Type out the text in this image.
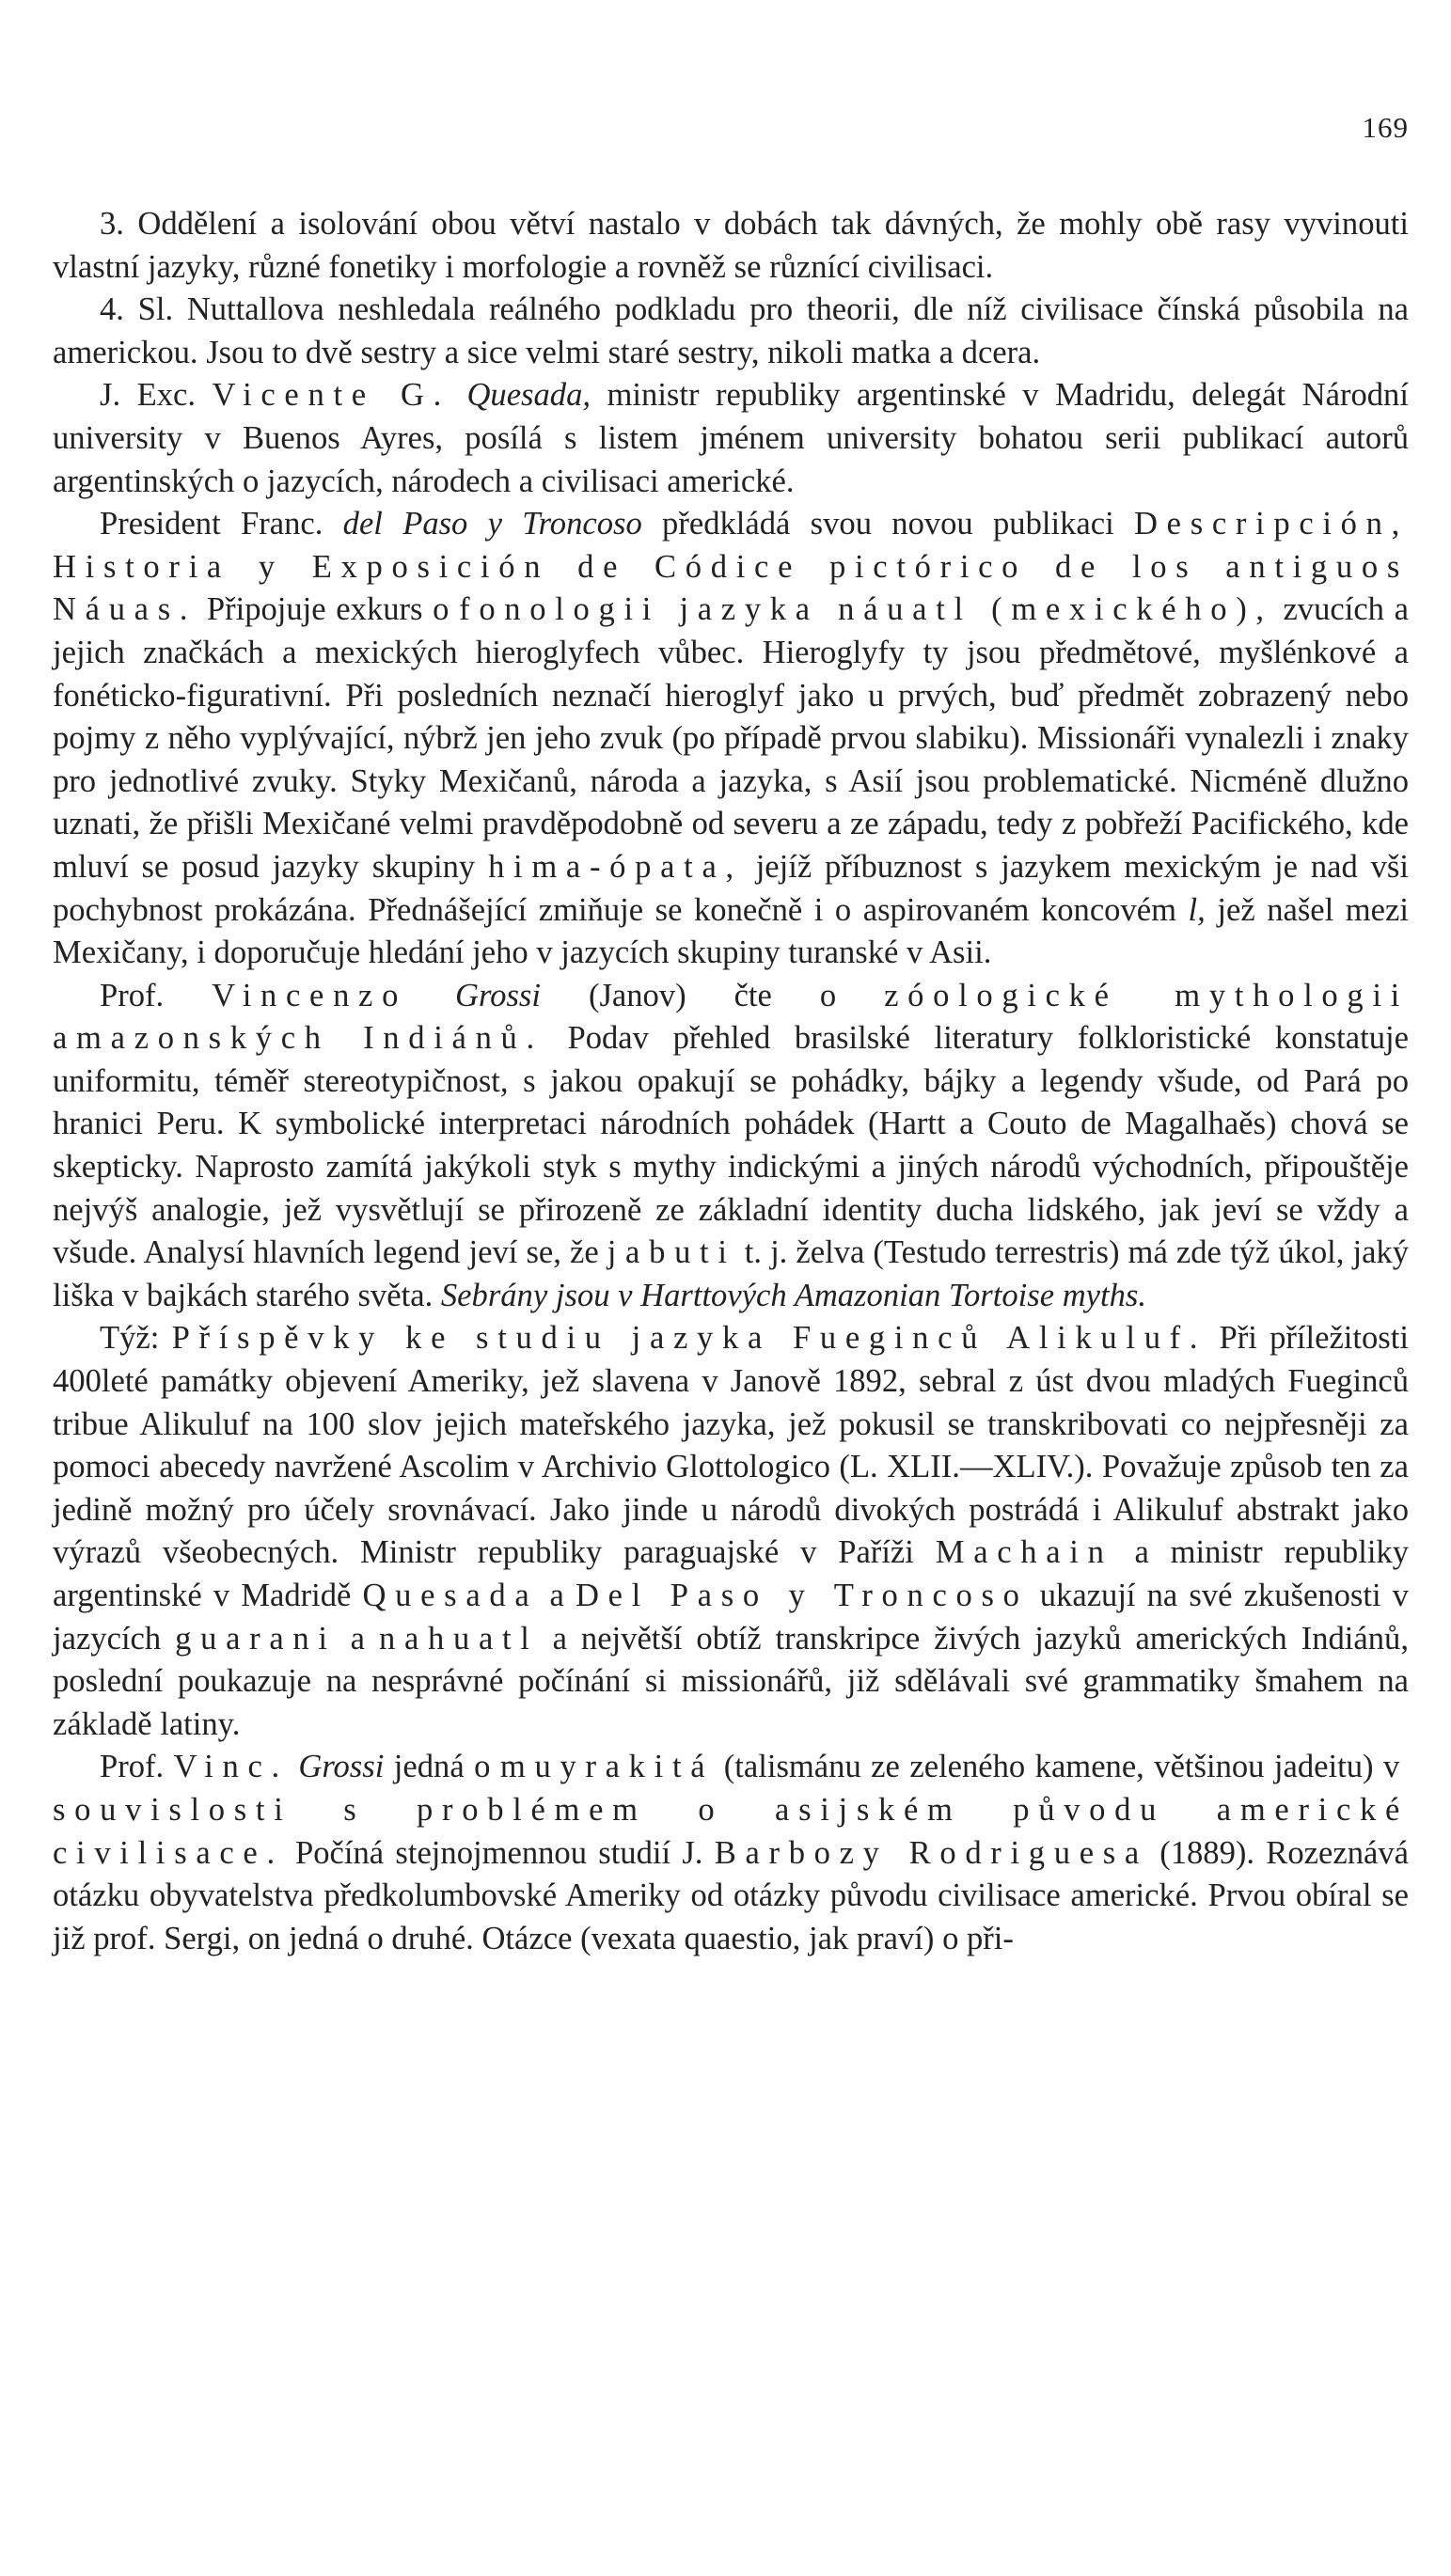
169

3. Oddělení a isolování obou větví nastalo v dobách tak dávných, že mohly obě rasy vyvinouti vlastní jazyky, různé fonetiky i morfologie a rovněž se různící civilisaci.

4. Sl. Nuttallova neshledala reálného podkladu pro theorii, dle níž civilisace čínská působila na americkou. Jsou to dvě sestry a sice velmi staré sestry, nikoli matka a dcera.

J. Exc. Vicente G. Quesada, ministr republiky argentinské v Madridu, delegát Národní university v Buenos Ayres, posílá s listem jménem university bohatou serii publikací autorů argentinských o jazycích, národech a civilisaci americké.

President Franc. del Paso y Troncoso předkládá svou novou publikaci Descripción, Historia y Exposición de Códice pictórico de los antiguos Náuas. Připojuje exkurs o fonologii jazyka náuatl (mexického), zvucích a jejich značkách a mexických hieroglyfech vůbec. Hieroglyfy ty jsou předmětové, myšlénkové a fonéticko-figurativní. Při posledních neznačí hieroglyf jako u prvých, buď předmět zobrazený nebo pojmy z něho vyplývající, nýbrž jen jeho zvuk (po případě prvou slabiku). Missionáři vynalezli i znaky pro jednotlivé zvuky. Styky Mexičanů, národa a jazyka, s Asií jsou problematické. Nicméně dlužno uznati, že přišli Mexičané velmi pravděpodobně od severu a ze západu, tedy z pobřeží Pacifického, kde mluví se posud jazyky skupiny hima-ópata, jejíž příbuznost s jazykem mexickým je nad vši pochybnost prokázána. Přednášející zmiňuje se konečně i o aspirovaném koncovém l, jež našel mezi Mexičany, i doporučuje hledání jeho v jazycích skupiny turanské v Asii.

Prof. Vincenzo Grossi (Janov) čte o zóologické mythologii amazonských Indiánů. Podav přehled brasilské literatury folkloristické konstatuje uniformitu, téměř stereotypičnost, s jakou opakují se pohádky, bájky a legendy všude, od Pará po hranici Peru. K symbolické interpretaci národních pohádek (Hartt a Couto de Magalhaěs) chová se skepticky. Naprosto zamítá jakýkoli styk s mythy indickými a jiných národů východních, připouštěje nejvýš analogie, jež vysvětlují se přirozeně ze základní identity ducha lidského, jak jeví se vždy a všude. Analysí hlavních legend jeví se, že jabuti t. j. želva (Testudo terrestris) má zde týž úkol, jaký liška v bajkách starého světa. Sebrány jsou v Harttových Amazonian Tortoise myths.

Týž: Příspěvky ke studiu jazyka Fueginců Alikuluf. Při příležitosti 400leté památky objevení Ameriky, jež slavena v Janově 1892, sebral z úst dvou mladých Fueginců tribue Alikuluf na 100 slov jejich mateřského jazyka, jež pokusil se transkribovati co nejpřesněji za pomoci abecedy navržené Ascolim v Archivio Glottologico (L. XLII.—XLIV.). Považuje způsob ten za jedině možný pro účely srovnávací. Jako jinde u národů divokých postrádá i Alikuluf abstrakt jako výrazů všeobecných. Ministr republiky paraguajské v Paříži Machain a ministr republiky argentinské v Madridě Quesada a Del Paso y Troncoso ukazují na své zkušenosti v jazycích guarani a nahuatl a největší obtíž transkripce živých jazyků amerických Indiánů, poslední poukazuje na nesprávné počínání si missionářů, již sdělávali své grammatiky šmahem na základě latiny.

Prof. Vinc. Grossi jedná o muyrakitá (talismánu ze zeleného kamene, většinou jadeitu) v souvislosti s problémem o asijském původu americké civilisace. Počíná stejnojmennou studií J. Barbozy Rodriguesa (1889). Rozeznává otázku obyvatelstva předkolumbovské Ameriky od otázky původu civilisace americké. Prvou obíral se již prof. Sergi, on jedná o druhé. Otázce (vexata quaestio, jak praví) o při-
